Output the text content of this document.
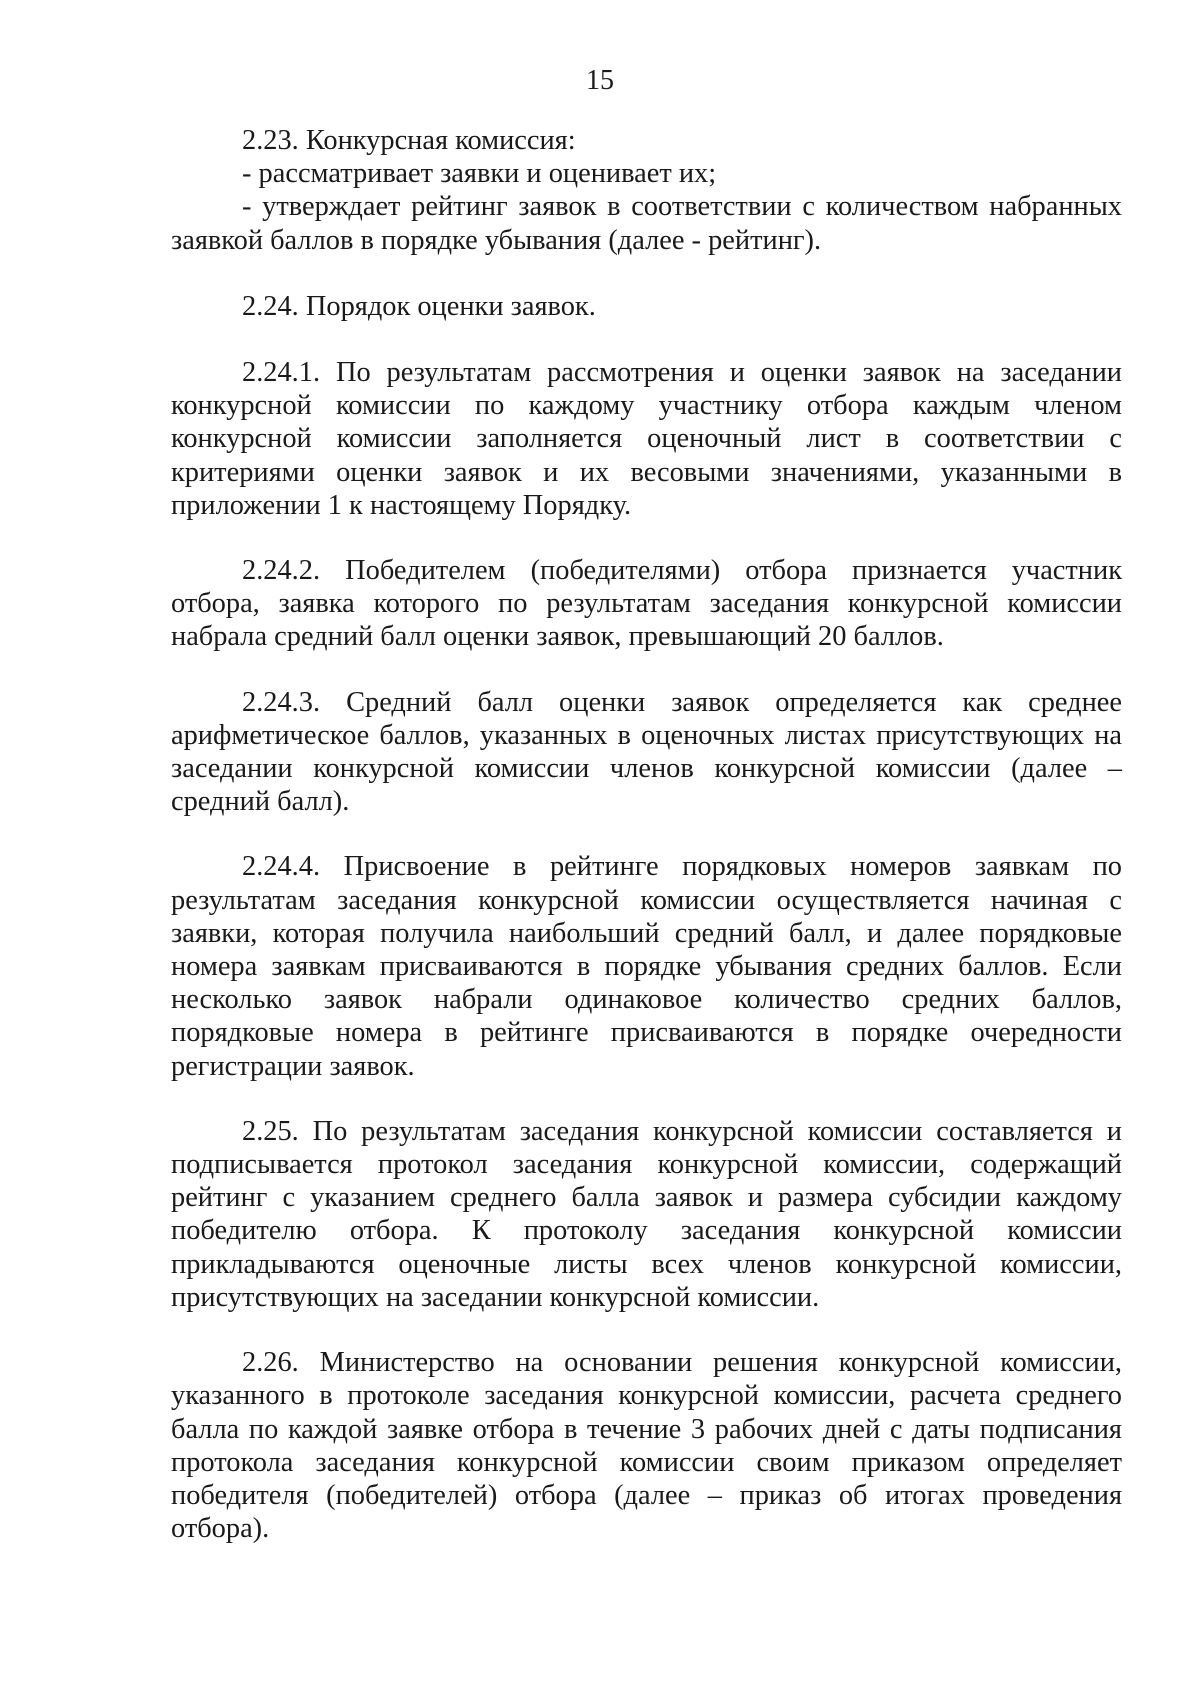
15

2.23. Конкурсная комиссия:

- рассматривает заявки и оценивает их;

- утверждает рейтинг заявок в соответствии с количеством набранных заявкой баллов в порядке убывания (далее - рейтинг).

2.24. Порядок оценки заявок.

2.24.1. По результатам рассмотрения и оценки заявок на заседании конкурсной комиссии по каждому участнику отбора каждым членом конкурсной комиссии заполняется оценочный лист в соответствии с критериями оценки заявок и их весовыми значениями, указанными в приложении 1 к настоящему Порядку.

2.24.2. Победителем (победителями) отбора признается участник отбора, заявка которого по результатам заседания конкурсной комиссии набрала средний балл оценки заявок, превышающий 20 баллов.

2.24.3. Средний балл оценки заявок определяется как среднее арифметическое баллов, указанных в оценочных листах присутствующих на заседании конкурсной комиссии членов конкурсной комиссии (далее – средний балл).

2.24.4. Присвоение в рейтинге порядковых номеров заявкам по результатам заседания конкурсной комиссии осуществляется начиная с заявки, которая получила наибольший средний балл, и далее порядковые номера заявкам присваиваются в порядке убывания средних баллов. Если несколько заявок набрали одинаковое количество средних баллов, порядковые номера в рейтинге присваиваются в порядке очередности регистрации заявок.

2.25. По результатам заседания конкурсной комиссии составляется и подписывается протокол заседания конкурсной комиссии, содержащий рейтинг с указанием среднего балла заявок и размера субсидии каждому победителю отбора. К протоколу заседания конкурсной комиссии прикладываются оценочные листы всех членов конкурсной комиссии, присутствующих на заседании конкурсной комиссии.

2.26. Министерство на основании решения конкурсной комиссии, указанного в протоколе заседания конкурсной комиссии, расчета среднего балла по каждой заявке отбора в течение 3 рабочих дней с даты подписания протокола заседания конкурсной комиссии своим приказом определяет победителя (победителей) отбора (далее – приказ об итогах проведения отбора).
